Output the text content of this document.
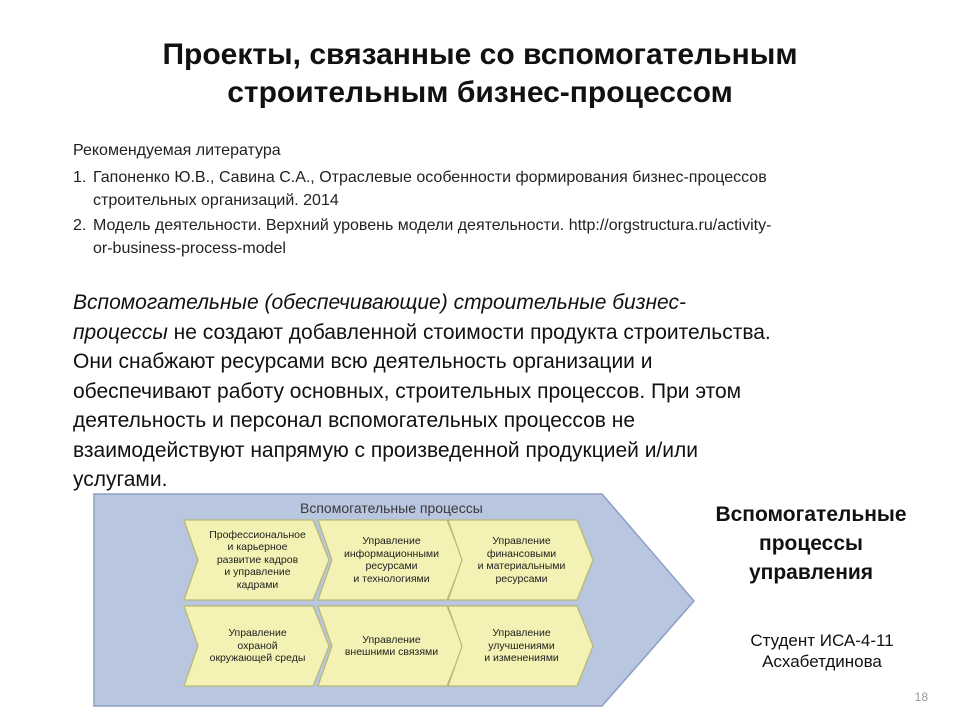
Проекты, связанные со вспомогательным
строительным бизнес-процессом
Рекомендуемая литература
1. Гапоненко Ю.В., Савина С.А., Отраслевые особенности формирования бизнес-процессов
строительных организаций. 2014
2. Модель деятельности. Верхний уровень модели деятельности. http://orgstructura.ru/activity-
or-business-process-model
Вспомогательные (обеспечивающие) строительные бизнес-
процессы не создают добавленной стоимости продукта строительства.
Они снабжают ресурсами всю деятельность организации и
обеспечивают работу основных, строительных процессов. При этом
деятельность и персонал вспомогательных процессов не
взаимодействуют напрямую с произведенной продукцией и/или
услугами.
Вспомогательные процессы
Профессиональное
и карьерное
развитие кадров
и управление
кадрами
Управление
информационными
ресурсами
и технологиями
Управление
финансовыми
и материальными
ресурсами
Управление
охраной
окружающей среды
Управление
внешними связями
Управление
улучшениями
и изменениями
Вспомогательные
процессы
управления
Студент ИСА-4-11
Асхабетдинова
18
